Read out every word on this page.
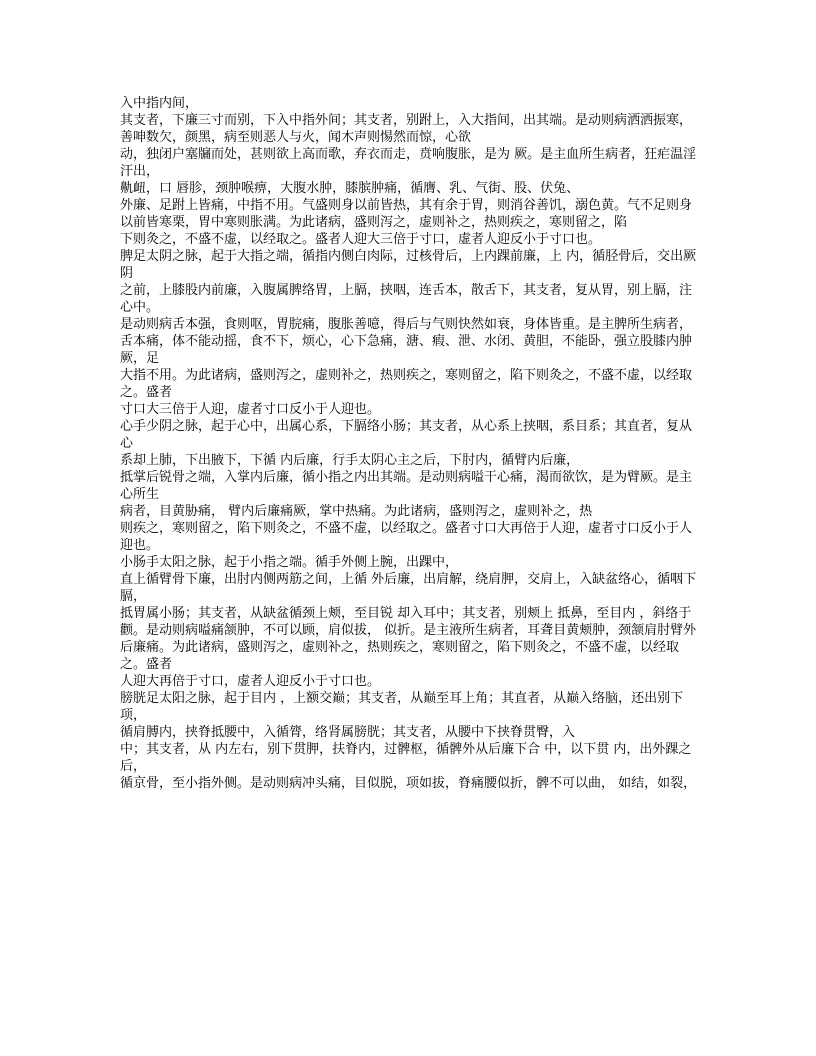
入中指内间，

其支者，下廉三寸而别，下入中指外间；其支者，别跗上，入大指间，出其端。是动则病洒洒振寒，

善呻数欠，颜黑，病至则恶人与火，闻木声则惕然而惊，心欲

动，独闭户塞牖而处，甚则欲上高而歌，弃衣而走，贲响腹胀，是为 厥。是主血所生病者，狂疟温淫汗出，

鼽衄，口 唇胗，颈肿喉痹，大腹水肿，膝膑肿痛，循膺、乳、气街、股、伏兔、

外廉、足跗上皆痛，中指不用。气盛则身以前皆热，其有余于胃，则消谷善饥，溺色黄。气不足则身

以前皆寒栗，胃中寒则胀满。为此诸病，盛则泻之，虚则补之，热则疾之，寒则留之，陷

下则灸之，不盛不虚，以经取之。盛者人迎大三倍于寸口，虚者人迎反小于寸口也。

脾足太阴之脉，起于大指之端，循指内侧白肉际，过核骨后，上内踝前廉，上 内，循胫骨后，交出厥阴

之前，上膝股内前廉，入腹属脾络胃，上膈，挟咽，连舌本，散舌下，其支者，复从胃，别上膈，注心中。

是动则病舌本强，食则呕，胃脘痛，腹胀善噫，得后与气则快然如衰，身体皆重。是主脾所生病者，

舌本痛，体不能动摇，食不下，烦心，心下急痛，溏、瘕、泄、水闭、黄胆，不能卧，强立股膝内肿厥，足

大指不用。为此诸病，盛则泻之，虚则补之，热则疾之，寒则留之，陷下则灸之，不盛不虚，以经取之。盛者

寸口大三倍于人迎，虚者寸口反小于人迎也。

心手少阴之脉，起于心中，出属心系，下膈络小肠；其支者，从心系上挟咽，系目系；其直者，复从心

系却上肺，下出腋下，下循 内后廉，行手太阴心主之后，下肘内，循臂内后廉，

抵掌后锐骨之端，入掌内后廉，循小指之内出其端。是动则病嗌干心痛，渴而欲饮，是为臂厥。是主心所生

病者，目黄胁痛， 臂内后廉痛厥，掌中热痛。为此诸病，盛则泻之，虚则补之，热

则疾之，寒则留之，陷下则灸之，不盛不虚，以经取之。盛者寸口大再倍于人迎，虚者寸口反小于人迎也。

小肠手太阳之脉，起于小指之端。循手外侧上腕，出踝中，

直上循臂骨下廉，出肘内侧两筋之间，上循 外后廉，出肩解，绕肩胛，交肩上，入缺盆络心，循咽下膈，

抵胃属小肠；其支者，从缺盆循颈上颊，至目锐 却入耳中；其支者，别颊上 抵鼻，至目内 ，斜络于

颧。是动则病嗌痛颔肿，不可以顾，肩似拔， 似折。是主液所生病者，耳聋目黄颊肿，颈颔肩肘臂外

后廉痛。为此诸病，盛则泻之，虚则补之，热则疾之，寒则留之，陷下则灸之，不盛不虚，以经取之。盛者

人迎大再倍于寸口，虚者人迎反小于寸口也。

膀胱足太阳之脉，起于目内 ，上额交巅；其支者，从巅至耳上角；其直者，从巅入络脑，还出别下项，

循肩膊内，挟脊抵腰中，入循膂，络肾属膀胱；其支者，从腰中下挟脊贯臀，入

中；其支者，从 内左右，别下贯胛，扶脊内，过髀枢，循髀外从后廉下合 中，以下贯 内，出外踝之后，

循京骨，至小指外侧。是动则病冲头痛，目似脱，项如拔，脊痛腰似折，髀不可以曲， 如结，如裂，
